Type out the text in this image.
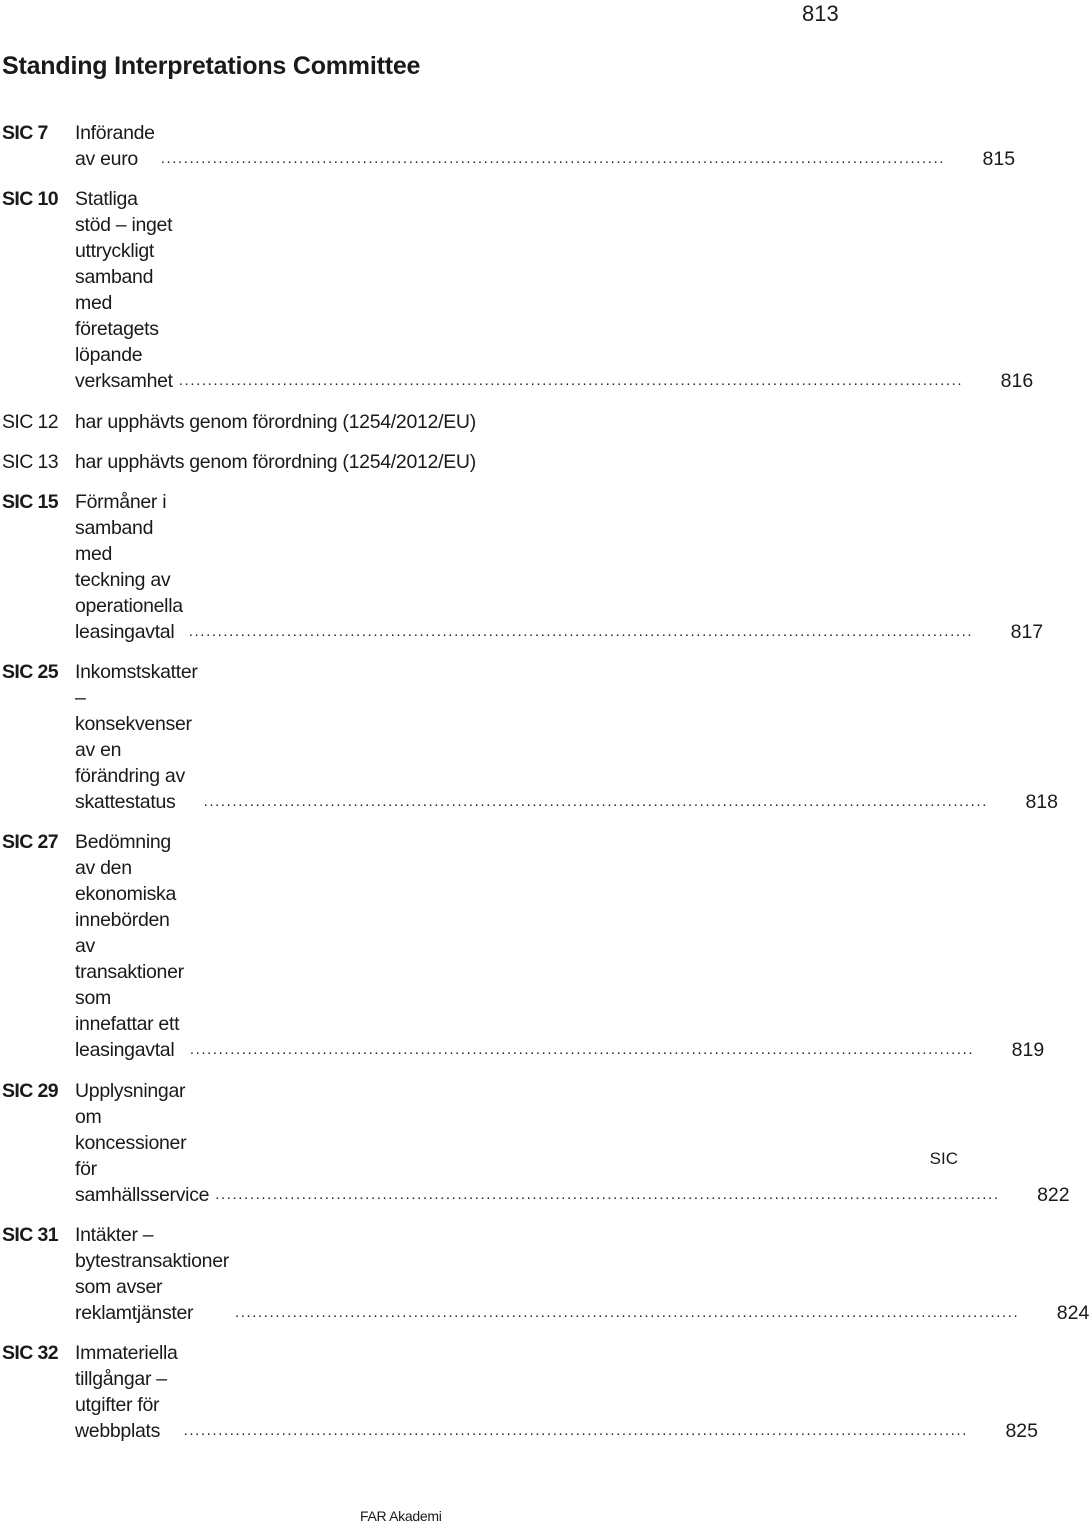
813
Standing Interpretations Committee
SIC 7	Införande av euro	........................................................................................................................................	815
SIC 10 Statliga stöd – inget uttryckligt samband med företagets löpande verksamhet ........................................................................................................................................	816
SIC 12 har upphävts genom förordning (1254/2012/EU)
SIC 13 har upphävts genom förordning (1254/2012/EU)
SIC 15 Förmåner i samband med teckning av operationella leasingavtal ........................................................................................................................................	817
SIC 25 Inkomstskatter – konsekvenser av en förändring av skattestatus	........................................................................................................................................	818
SIC 27 Bedömning av den ekonomiska innebörden av transaktioner som innefattar ett leasingavtal	........................................................................................................................................	819
SIC 29 Upplysningar om koncessioner för samhällsservice ........................................................................................................................................	822
SIC 31 Intäkter – bytestransaktioner som avser reklamtjänster	........................................................................................................................................	824
SIC 32 Immateriella tillgångar – utgifter för webbplats	........................................................................................................................................	825
SIC
FAR Akademi
